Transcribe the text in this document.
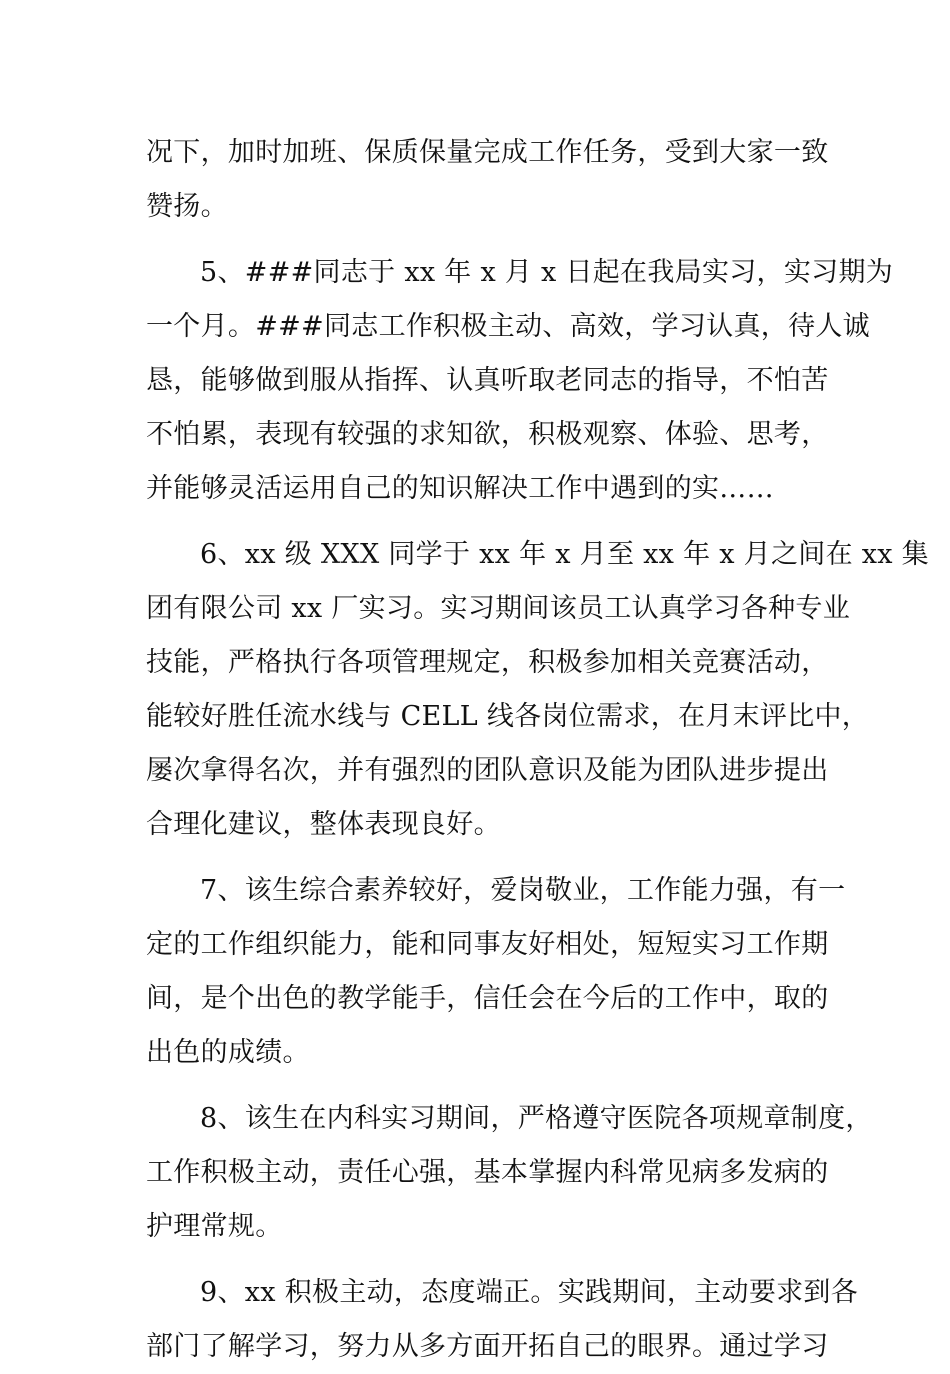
况下，加时加班、保质保量完成工作任务，受到大家一致
赞扬。
5、###同志于 xx 年 x 月 x 日起在我局实习，实习期为
一个月。###同志工作积极主动、高效，学习认真，待人诚
恳，能够做到服从指挥、认真听取老同志的指导，不怕苦
不怕累，表现有较强的求知欲，积极观察、体验、思考，
并能够灵活运用自己的知识解决工作中遇到的实……
6、xx 级 XXX 同学于 xx 年 x 月至 xx 年 x 月之间在 xx 集
团有限公司 xx 厂实习。实习期间该员工认真学习各种专业
技能，严格执行各项管理规定，积极参加相关竞赛活动，
能较好胜任流水线与 CELL 线各岗位需求，在月末评比中，
屡次拿得名次，并有强烈的团队意识及能为团队进步提出
合理化建议，整体表现良好。
7、该生综合素养较好，爱岗敬业，工作能力强，有一
定的工作组织能力，能和同事友好相处，短短实习工作期
间，是个出色的教学能手，信任会在今后的工作中，取的
出色的成绩。
8、该生在内科实习期间，严格遵守医院各项规章制度，
工作积极主动，责任心强，基本掌握内科常见病多发病的
护理常规。
9、xx 积极主动，态度端正。实践期间，主动要求到各
部门了解学习，努力从多方面开拓自己的眼界。通过学习
